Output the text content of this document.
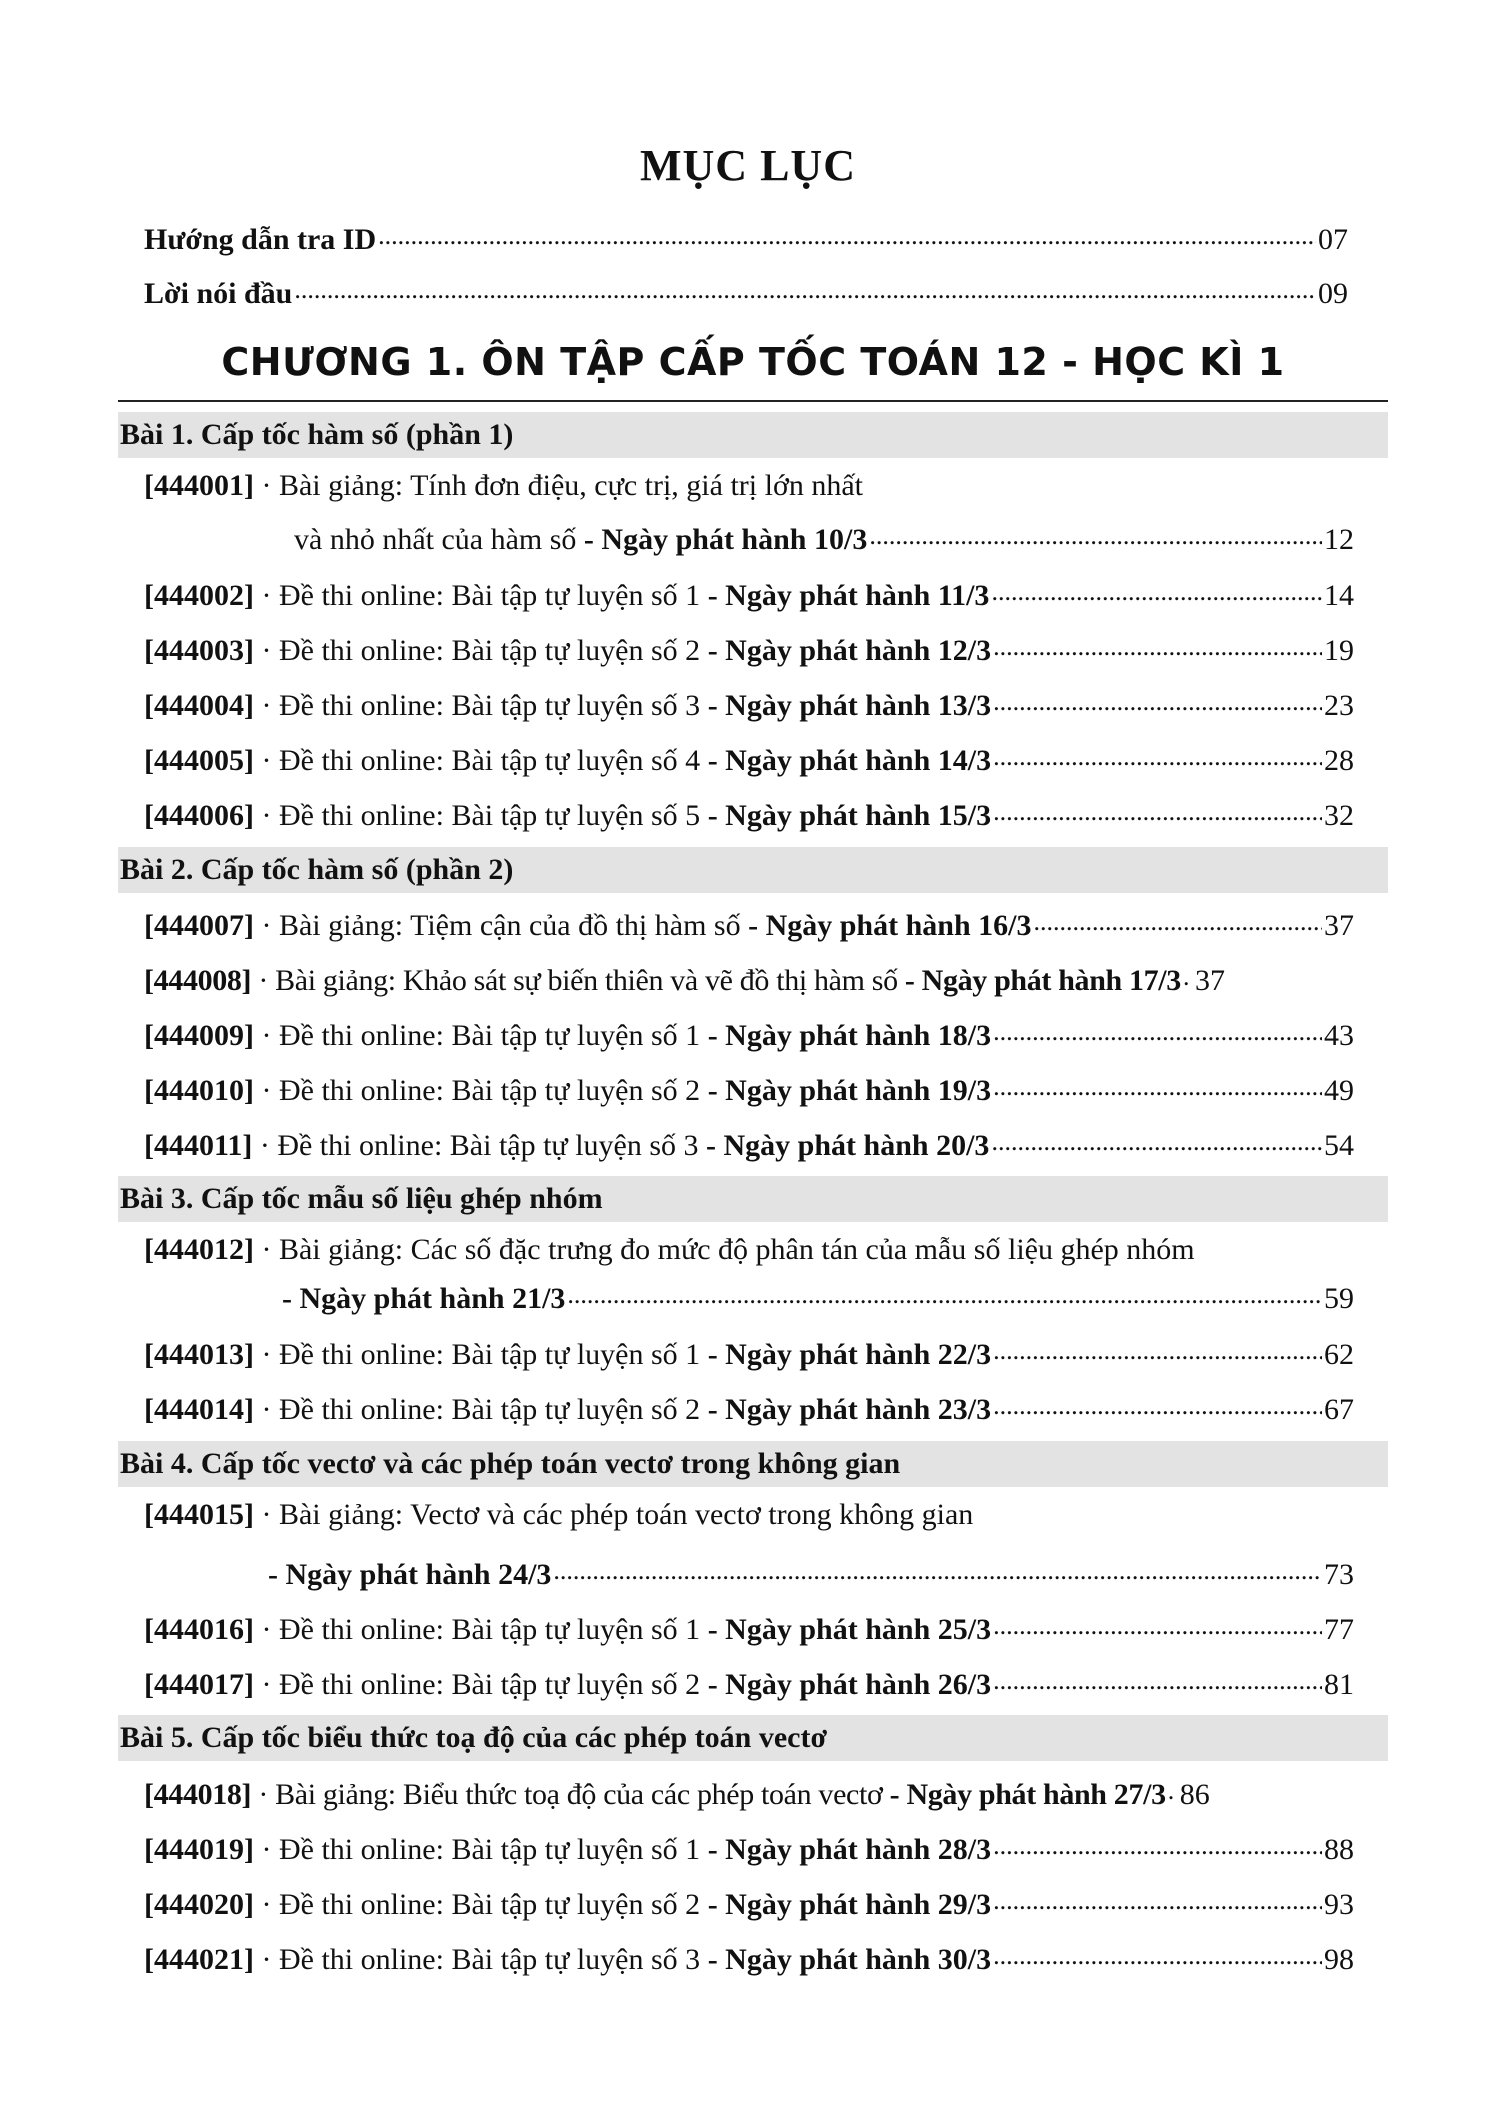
MỤC LỤC
Hướng dẫn tra ID .....	07
Lời nói đầu .....	09
CHƯƠNG 1. ÔN TẬP CẤP TỐC TOÁN 12 - HỌC KÌ 1
Bài 1. Cấp tốc hàm số (phần 1)
[444001] · Bài giảng: Tính đơn điệu, cực trị, giá trị lớn nhất
và nhỏ nhất của hàm số - Ngày phát hành 10/3 .....	12
[444002] · Đề thi online: Bài tập tự luyện số 1 - Ngày phát hành 11/3 .....	14
[444003] · Đề thi online: Bài tập tự luyện số 2 - Ngày phát hành 12/3 .....	19
[444004] · Đề thi online: Bài tập tự luyện số 3 - Ngày phát hành 13/3 .....	23
[444005] · Đề thi online: Bài tập tự luyện số 4 - Ngày phát hành 14/3 .....	28
[444006] · Đề thi online: Bài tập tự luyện số 5 - Ngày phát hành 15/3 .....	32
Bài 2. Cấp tốc hàm số (phần 2)
[444007] · Bài giảng: Tiệm cận của đồ thị hàm số - Ngày phát hành 16/3 .....	37
[444008] · Bài giảng: Khảo sát sự biến thiên và vẽ đồ thị hàm số - Ngày phát hành 17/3 . 37
[444009] · Đề thi online: Bài tập tự luyện số 1 - Ngày phát hành 18/3 .....	43
[444010] · Đề thi online: Bài tập tự luyện số 2 - Ngày phát hành 19/3 .....	49
[444011] · Đề thi online: Bài tập tự luyện số 3 - Ngày phát hành 20/3 .....	54
Bài 3. Cấp tốc mẫu số liệu ghép nhóm
[444012] · Bài giảng: Các số đặc trưng đo mức độ phân tán của mẫu số liệu ghép nhóm
- Ngày phát hành 21/3 .....	59
[444013] · Đề thi online: Bài tập tự luyện số 1 - Ngày phát hành 22/3 .....	62
[444014] · Đề thi online: Bài tập tự luyện số 2 - Ngày phát hành 23/3 .....	67
Bài 4. Cấp tốc vectơ và các phép toán vectơ trong không gian
[444015] · Bài giảng: Vectơ và các phép toán vectơ trong không gian
- Ngày phát hành 24/3 .....	73
[444016] · Đề thi online: Bài tập tự luyện số 1 - Ngày phát hành 25/3 .....	77
[444017] · Đề thi online: Bài tập tự luyện số 2 - Ngày phát hành 26/3 .....	81
Bài 5. Cấp tốc biểu thức toạ độ của các phép toán vectơ
[444018] · Bài giảng: Biểu thức toạ độ của các phép toán vectơ - Ngày phát hành 27/3 . 86
[444019] · Đề thi online: Bài tập tự luyện số 1 - Ngày phát hành 28/3 .....	88
[444020] · Đề thi online: Bài tập tự luyện số 2 - Ngày phát hành 29/3 .....	93
[444021] · Đề thi online: Bài tập tự luyện số 3 - Ngày phát hành 30/3 .....	98
